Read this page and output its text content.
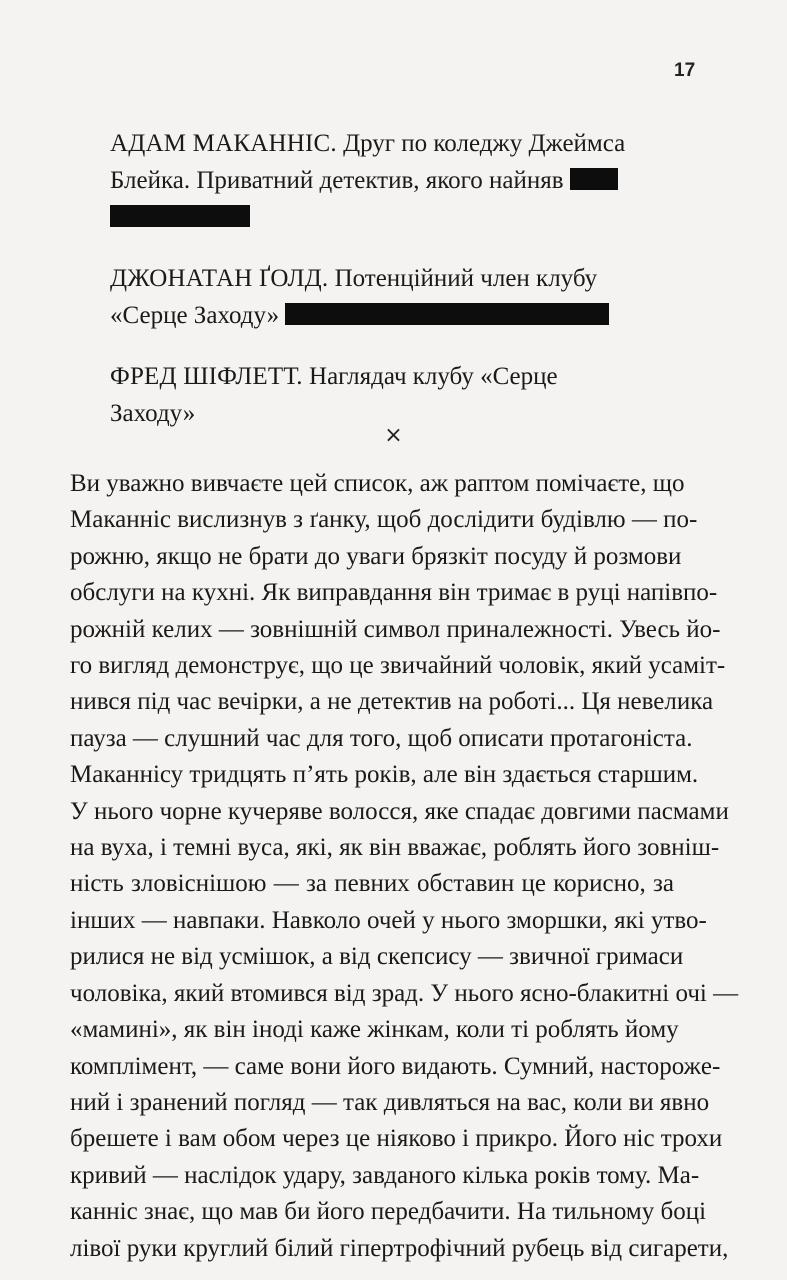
17
АДАМ МАКАННІС. Друг по коледжу Джеймса
Блейка. Приватний детектив, якого найняв

ДЖОНАТАН ҐОЛД. Потенційний член клубу
«Серце Заходу»
ФРЕД ШІФЛЕТТ. Наглядач клубу «Серце Заходу»
×
Ви уважно вивчаєте цей список, аж раптом помічаєте, що
Маканніс вислизнув з ґанку, щоб дослідити будівлю — по-
рожню, якщо не брати до уваги брязкіт посуду й розмови
обслуги на кухні. Як виправдання він тримає в руці напівпо-
рожній келих — зовнішній символ приналежності. Увесь йо-
го вигляд демонструє, що це звичайний чоловік, який усаміт-
нився під час вечірки, а не детектив на роботі... Ця невелика
пауза — слушний час для того, щоб описати протагоніста.
Маканнісу тридцять п’ять років, але він здається старшим.
У нього чорне кучеряве волосся, яке спадає довгими пасмами
на вуха, і темні вуса, які, як він вважає, роблять його зовніш-
ність зловіснішою — за певних обставин це корисно, за
інших — навпаки. Навколо очей у нього зморшки, які утво-
рилися не від усмішок, а від скепсису — звичної гримаси
чоловіка, який втомився від зрад. У нього ясно-блакитні очі —
«мамині», як він іноді каже жінкам, коли ті роблять йому
комплімент, — саме вони його видають. Сумний, насторожe-
ний і зранений погляд — так дивляться на вас, коли ви явно
брешете і вам обом через це ніяково і прикро. Його ніс трохи
кривий — наслідок удару, завданого кілька років тому. Ма-
канніс знає, що мав би його передбачити. На тильному боці
лівої руки круглий білий гіпертрофічний рубець від сигарети,
